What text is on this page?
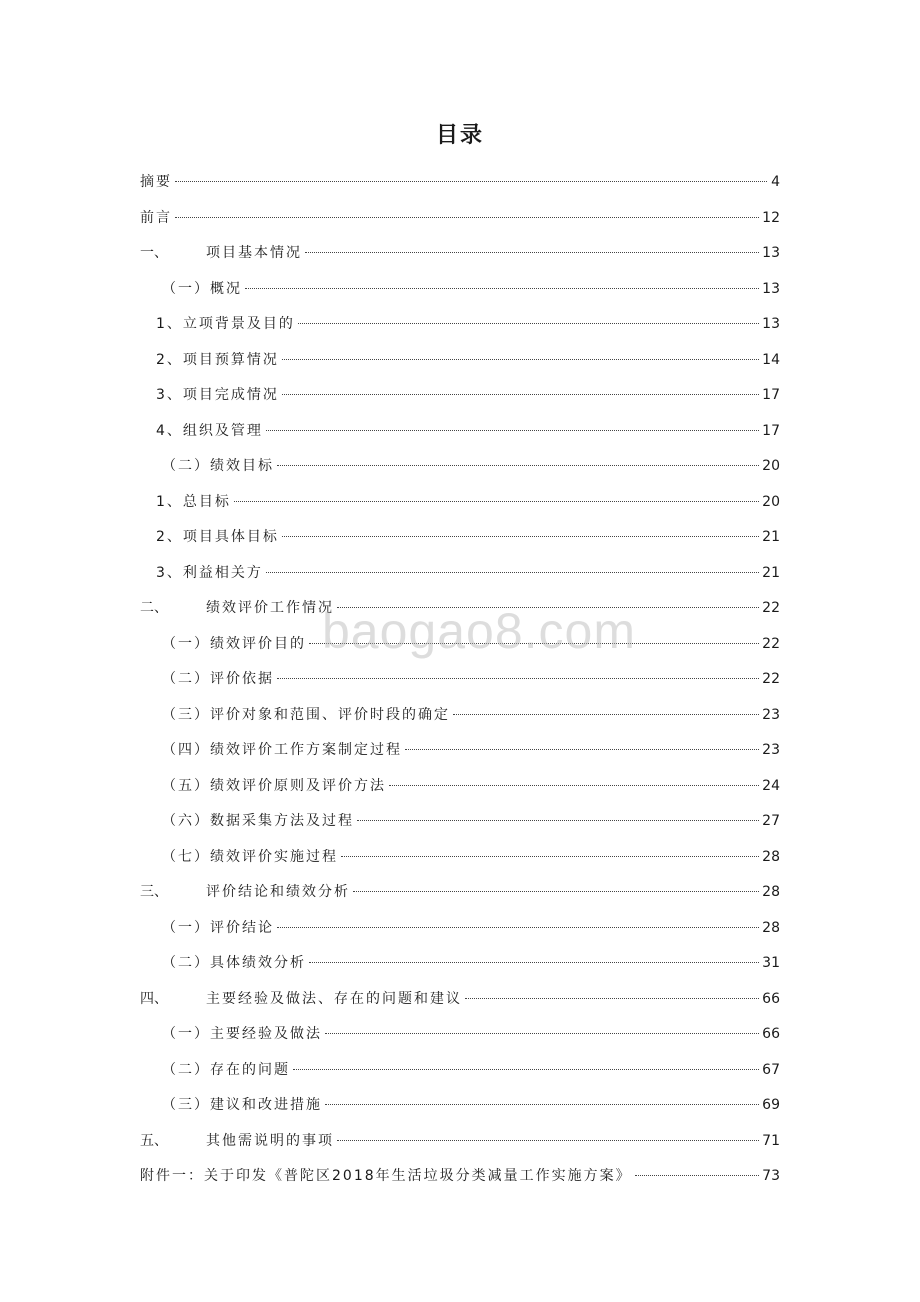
目录
摘要	4
前言	12
一、	项目基本情况	13
（一）概况	13
1、立项背景及目的	13
2、项目预算情况	14
3、项目完成情况	17
4、组织及管理	17
（二）绩效目标	20
1、总目标	20
2、项目具体目标	21
3、利益相关方	21
二、	绩效评价工作情况	22
（一）绩效评价目的	22
（二）评价依据	22
（三）评价对象和范围、评价时段的确定	23
（四）绩效评价工作方案制定过程	23
（五）绩效评价原则及评价方法	24
（六）数据采集方法及过程	27
（七）绩效评价实施过程	28
三、	评价结论和绩效分析	28
（一）评价结论	28
（二）具体绩效分析	31
四、	主要经验及做法、存在的问题和建议	66
（一）主要经验及做法	66
（二）存在的问题	67
（三）建议和改进措施	69
五、	其他需说明的事项	71
附件一：关于印发《普陀区2018年生活垃圾分类减量工作实施方案》	73
baogao8.com
